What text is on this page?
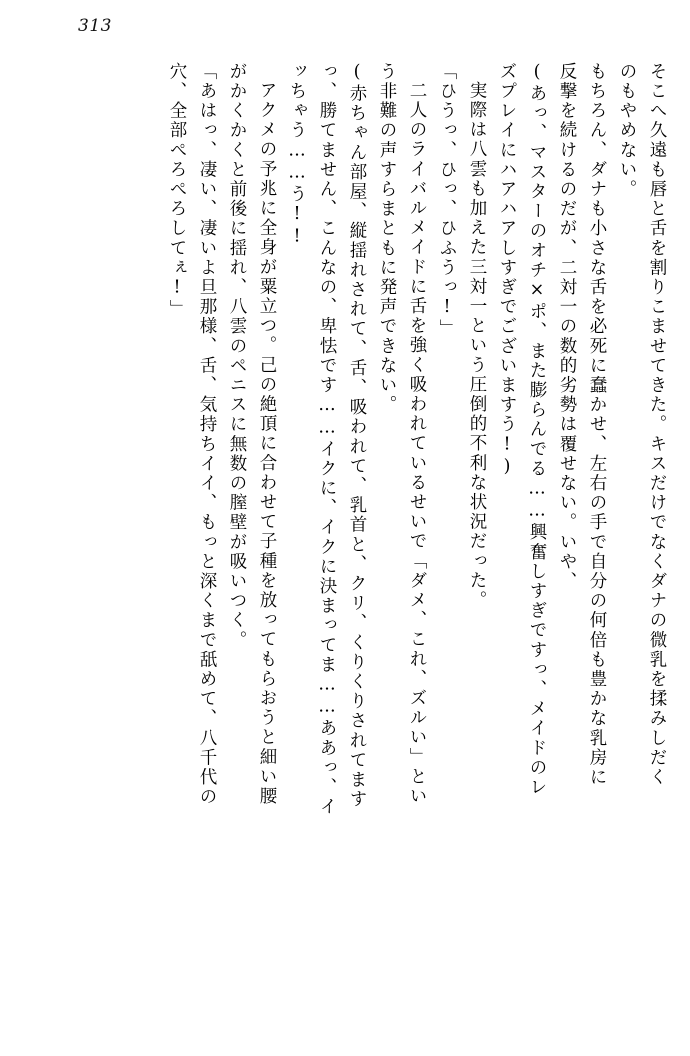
313
そこへ久遠も唇と舌を割りこませてきた。キスだけでなくダナの微乳を揉みしだく
のもやめない。
もちろん、ダナも小さな舌を必死に蠢かせ、左右の手で自分の何倍も豊かな乳房に
反撃を続けるのだが、二対一の数的劣勢は覆せない。いや、
(あっ、マスターのオチ×ポ、また膨らんでる……興奮しすぎですっ、メイドのレ
ズプレイにハアハアしすぎでございますう!)
実際は八雲も加えた三対一という圧倒的不利な状況だった。
「ひうっ、ひっ、ひふうっ!」
二人のライバルメイドに舌を強く吸われているせいで「ダメ、これ、ズルい」とい
う非難の声すらまともに発声できない。
(赤ちゃん部屋、縦揺れされて、舌、吸われて、乳首と、クリ、くりくりされてます
っ、勝てません、こんなの、卑怯です……イクに、イクに決まってま……ああっ、イ
ッちゃう……う!!
アクメの予兆に全身が粟立つ。己の絶頂に合わせて子種を放ってもらおうと細い腰
がかくかくと前後に揺れ、八雲のペニスに無数の膣壁が吸いつく。
「あはっ、凄い、凄いよ旦那様、舌、気持ちイイ、もっと深くまで舐めて、八千代の
穴、全部ぺろぺろしてぇ!」
